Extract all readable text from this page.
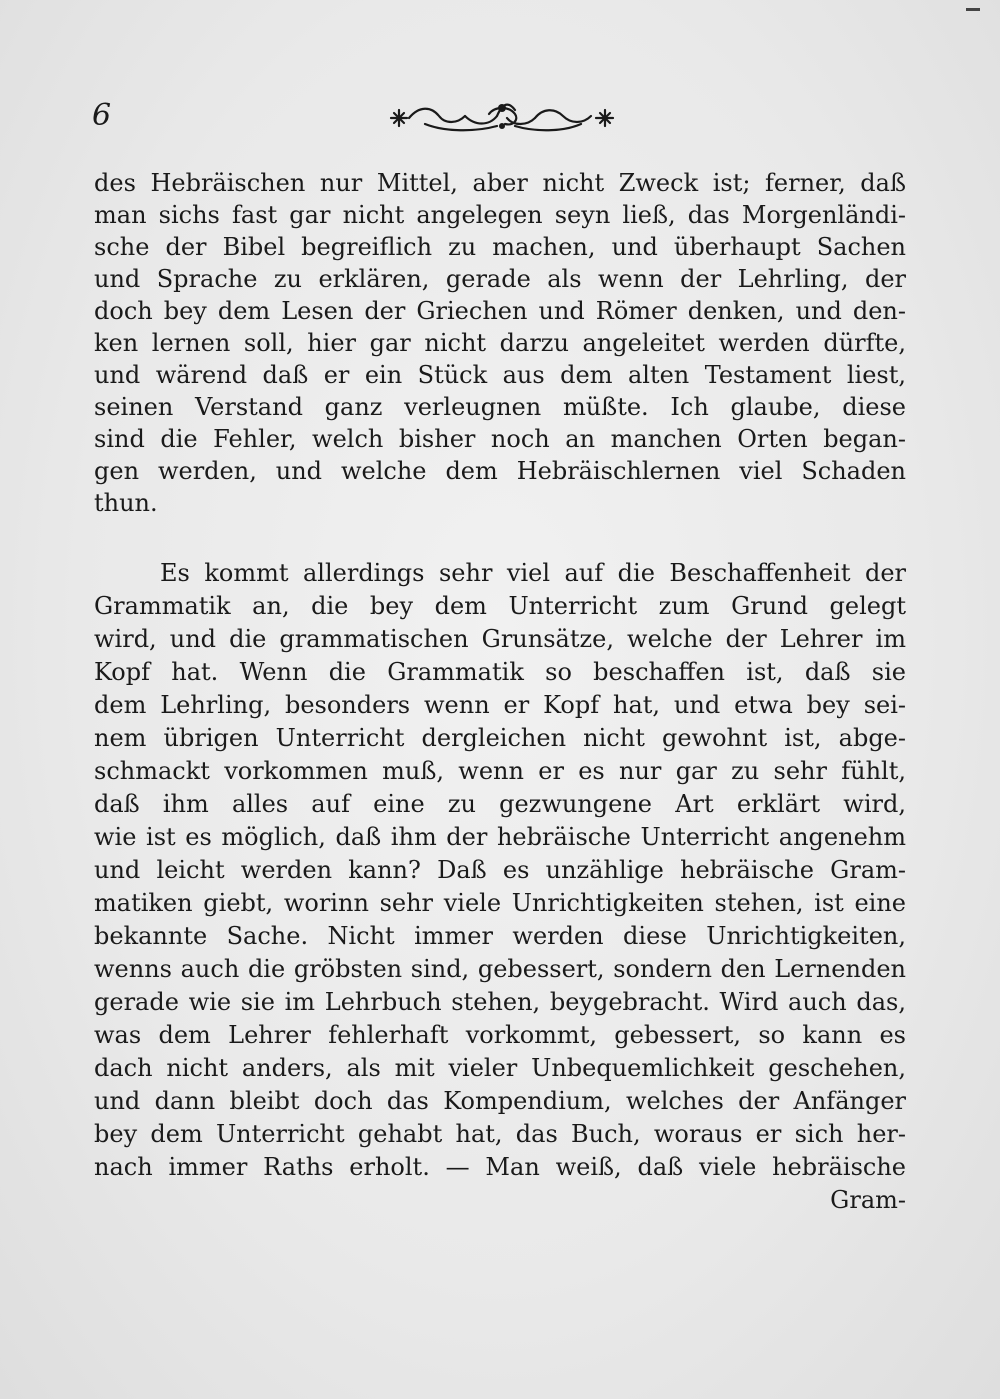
6
des Hebräischen nur Mittel, aber nicht Zweck ist; ferner, daß
man sichs fast gar nicht angelegen seyn ließ, das Morgenländi-
sche der Bibel begreiflich zu machen, und überhaupt Sachen
und Sprache zu erklären, gerade als wenn der Lehrling, der
doch bey dem Lesen der Griechen und Römer denken, und den-
ken lernen soll, hier gar nicht darzu angeleitet werden dürfte,
und wärend daß er ein Stück aus dem alten Testament liest,
seinen Verstand ganz verleugnen müßte. Ich glaube, diese
sind die Fehler, welch bisher noch an manchen Orten began-
gen werden, und welche dem Hebräischlernen viel Schaden
thun.
Es kommt allerdings sehr viel auf die Beschaffenheit der
Grammatik an, die bey dem Unterricht zum Grund gelegt
wird, und die grammatischen Grunsätze, welche der Lehrer im
Kopf hat. Wenn die Grammatik so beschaffen ist, daß sie
dem Lehrling, besonders wenn er Kopf hat, und etwa bey sei-
nem übrigen Unterricht dergleichen nicht gewohnt ist, abge-
schmackt vorkommen muß, wenn er es nur gar zu sehr fühlt,
daß ihm alles auf eine zu gezwungene Art erklärt wird,
wie ist es möglich, daß ihm der hebräische Unterricht angenehm
und leicht werden kann? Daß es unzählige hebräische Gram-
matiken giebt, worinn sehr viele Unrichtigkeiten stehen, ist eine
bekannte Sache. Nicht immer werden diese Unrichtigkeiten,
wenns auch die gröbsten sind, gebessert, sondern den Lernenden
gerade wie sie im Lehrbuch stehen, beygebracht. Wird auch das,
was dem Lehrer fehlerhaft vorkommt, gebessert, so kann es
dach nicht anders, als mit vieler Unbequemlichkeit geschehen,
und dann bleibt doch das Kompendium, welches der Anfänger
bey dem Unterricht gehabt hat, das Buch, woraus er sich her-
nach immer Raths erholt. — Man weiß, daß viele hebräische
Gram-
